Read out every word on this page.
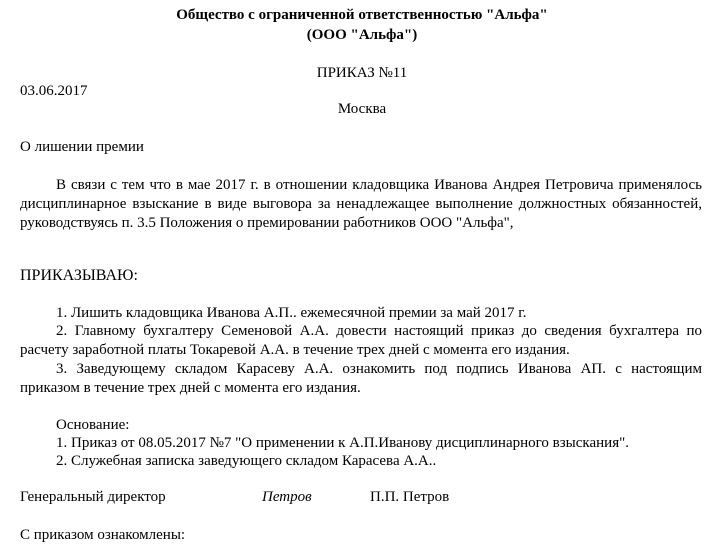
Общество с ограниченной ответственностью "Альфа"
(ООО "Альфа")
ПРИКАЗ №11
03.06.2017
Москва
О лишении премии
В связи с тем что в мае 2017 г. в отношении кладовщика Иванова Андрея Петровича применялось дисциплинарное взыскание в виде выговора за ненадлежащее выполнение должностных обязанностей, руководствуясь п. 3.5 Положения о премировании работников ООО "Альфа",
ПРИКАЗЫВАЮ:
1. Лишить кладовщика Иванова А.П.. ежемесячной премии за май 2017 г.
2. Главному бухгалтеру Семеновой А.А. довести настоящий приказ до сведения бухгалтера по расчету заработной платы Токаревой А.А. в течение трех дней с момента его издания.
3. Заведующему складом Карасеву А.А. ознакомить под подпись Иванова АП. с настоящим приказом в течение трех дней с момента его издания.
Основание:
1. Приказ от 08.05.2017 №7 "О применении к А.П.Иванову дисциплинарного взыскания".
2. Служебная записка заведующего складом Карасева А.А..
Генеральный директор	Петров	П.П. Петров
С приказом ознакомлены:
